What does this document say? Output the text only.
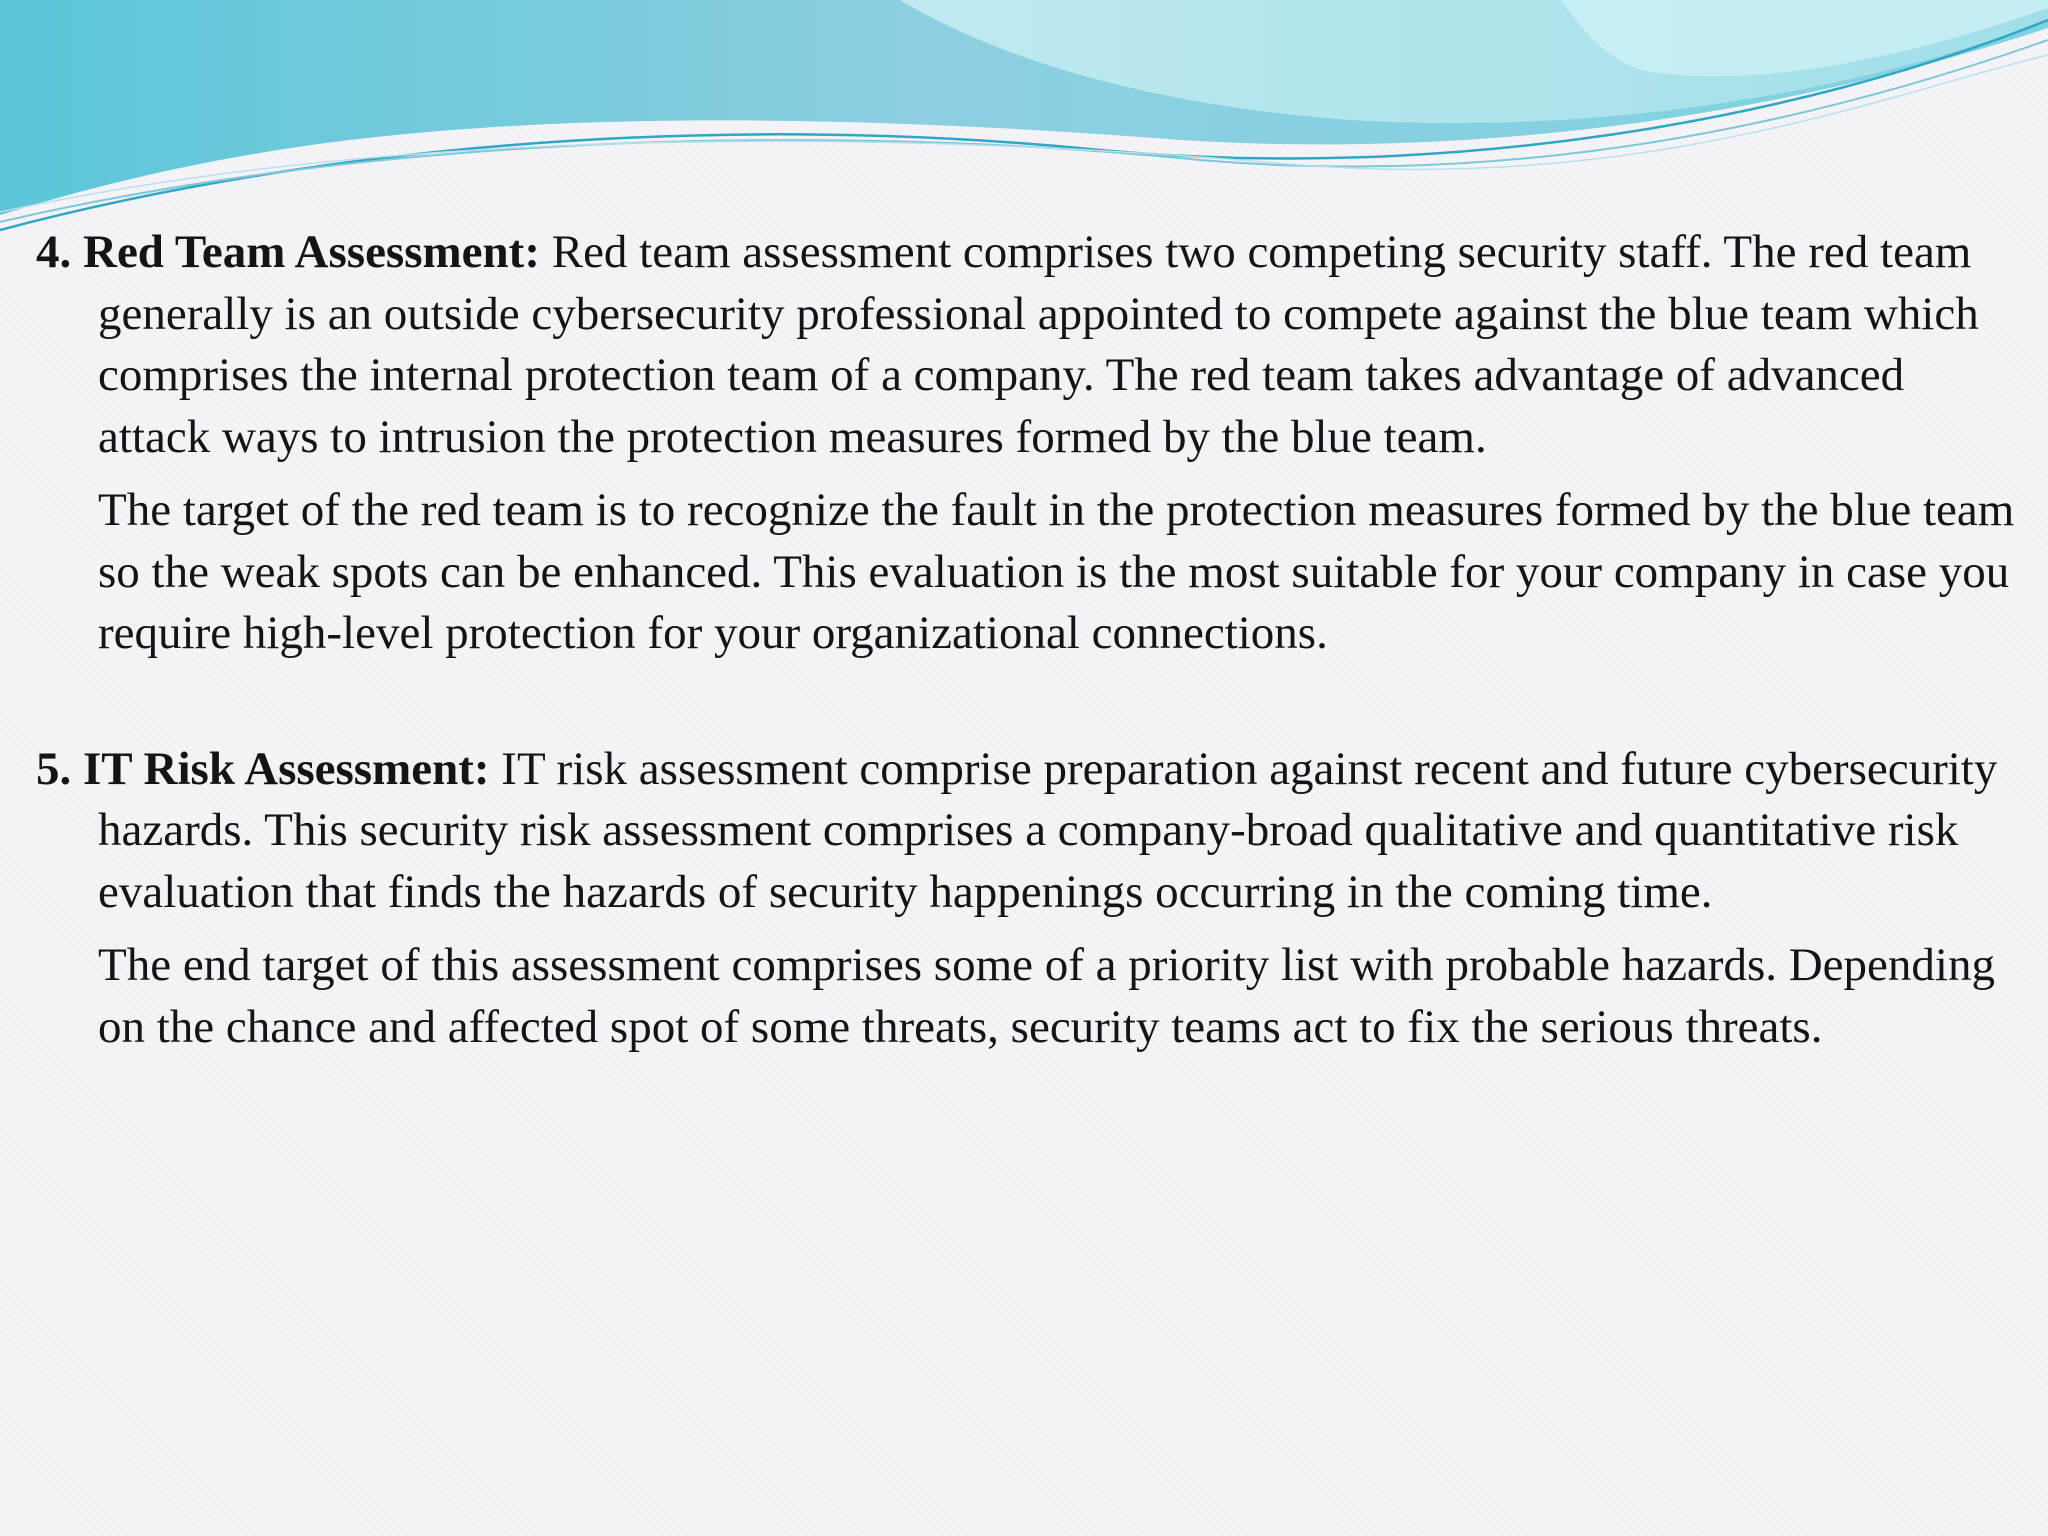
4. Red Team Assessment: Red team assessment comprises two competing security staff. The red team generally is an outside cybersecurity professional appointed to compete against the blue team which comprises the internal protection team of a company. The red team takes advantage of advanced attack ways to intrusion the protection measures formed by the blue team.

The target of the red team is to recognize the fault in the protection measures formed by the blue team so the weak spots can be enhanced. This evaluation is the most suitable for your company in case you require high-level protection for your organizational connections.

5. IT Risk Assessment: IT risk assessment comprise preparation against recent and future cybersecurity hazards. This security risk assessment comprises a company-broad qualitative and quantitative risk evaluation that finds the hazards of security happenings occurring in the coming time.

The end target of this assessment comprises some of a priority list with probable hazards. Depending on the chance and affected spot of some threats, security teams act to fix the serious threats.
